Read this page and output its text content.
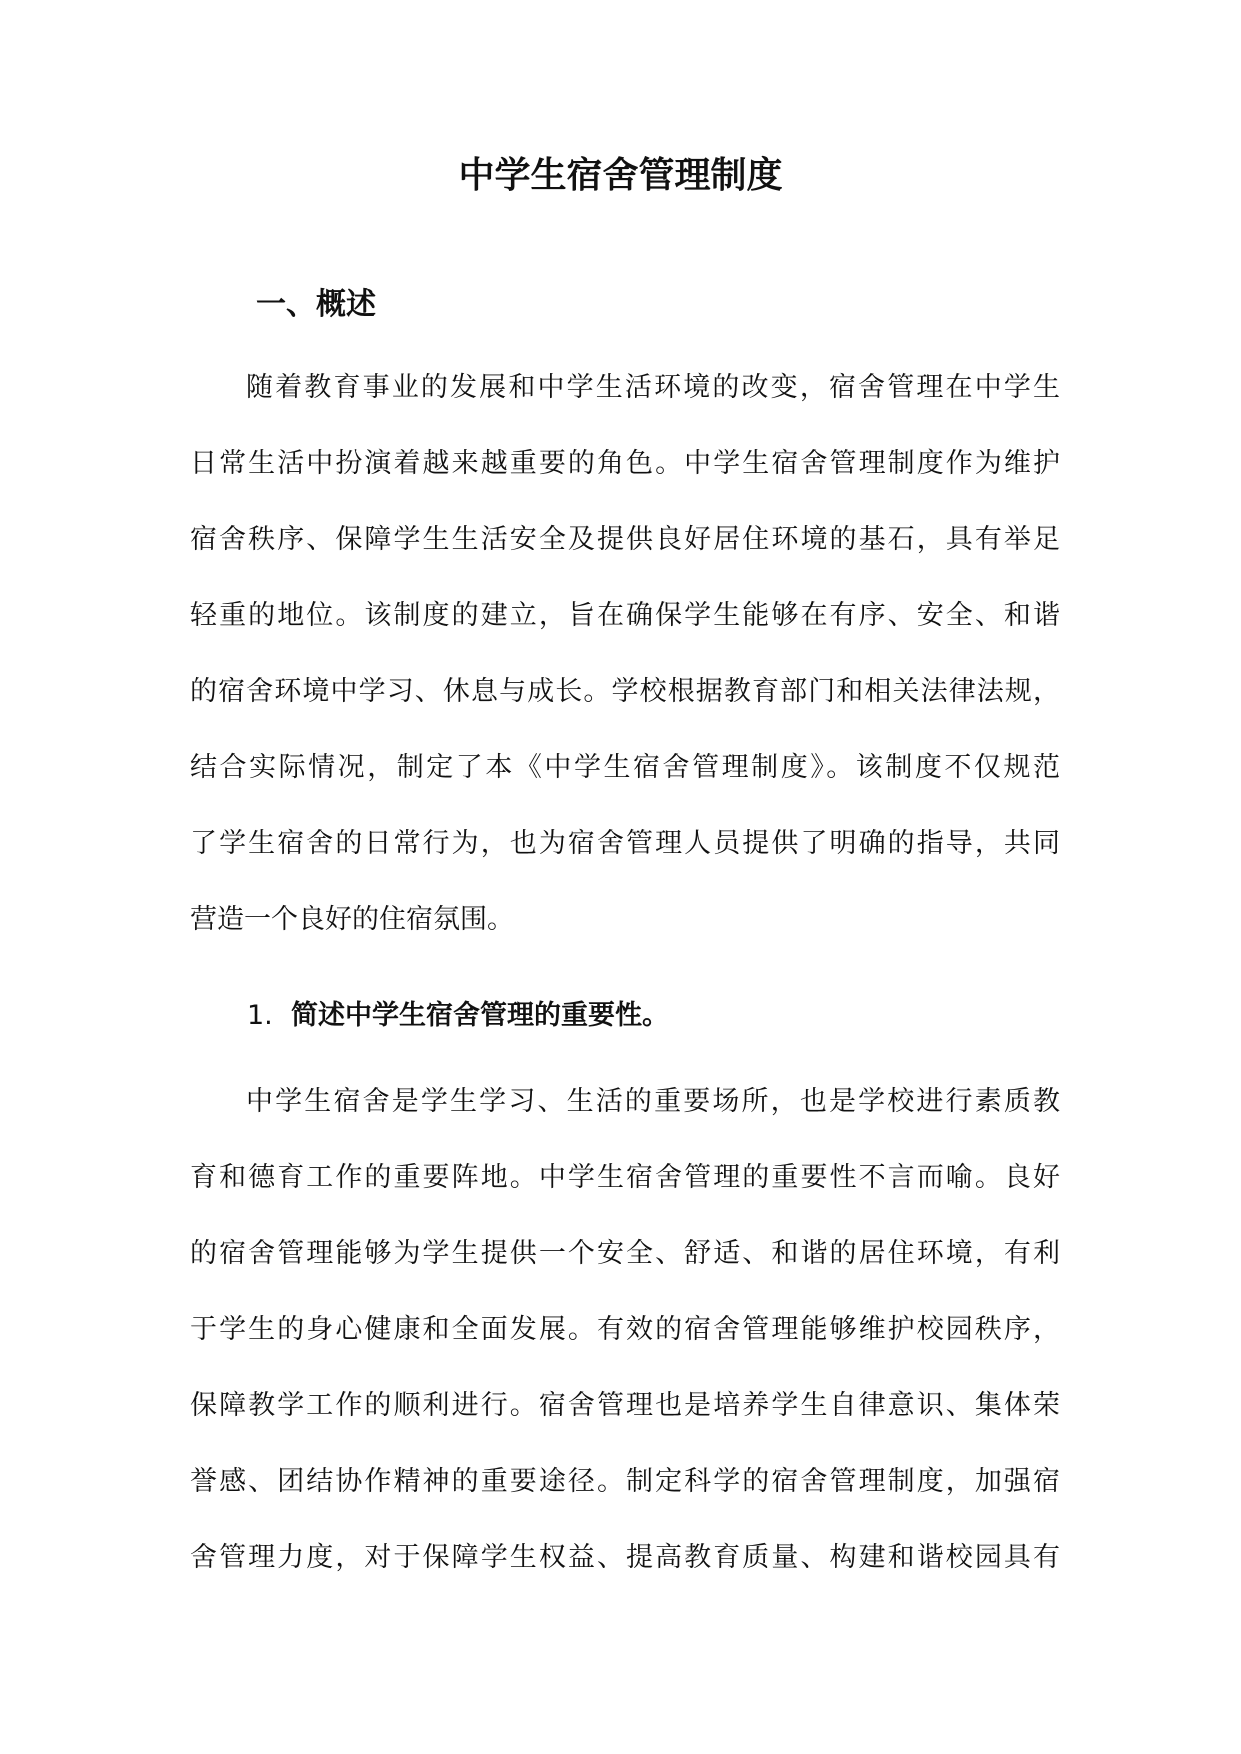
中学生宿舍管理制度
一、概述
随着教育事业的发展和中学生活环境的改变，宿舍管理在中学生
日常生活中扮演着越来越重要的角色。中学生宿舍管理制度作为维护
宿舍秩序、保障学生生活安全及提供良好居住环境的基石，具有举足
轻重的地位。该制度的建立，旨在确保学生能够在有序、安全、和谐
的宿舍环境中学习、休息与成长。学校根据教育部门和相关法律法规，
结合实际情况，制定了本《中学生宿舍管理制度》。该制度不仅规范
了学生宿舍的日常行为，也为宿舍管理人员提供了明确的指导，共同
营造一个良好的住宿氛围。
1. 简述中学生宿舍管理的重要性。
中学生宿舍是学生学习、生活的重要场所，也是学校进行素质教
育和德育工作的重要阵地。中学生宿舍管理的重要性不言而喻。良好
的宿舍管理能够为学生提供一个安全、舒适、和谐的居住环境，有利
于学生的身心健康和全面发展。有效的宿舍管理能够维护校园秩序，
保障教学工作的顺利进行。宿舍管理也是培养学生自律意识、集体荣
誉感、团结协作精神的重要途径。制定科学的宿舍管理制度，加强宿
舍管理力度，对于保障学生权益、提高教育质量、构建和谐校园具有
